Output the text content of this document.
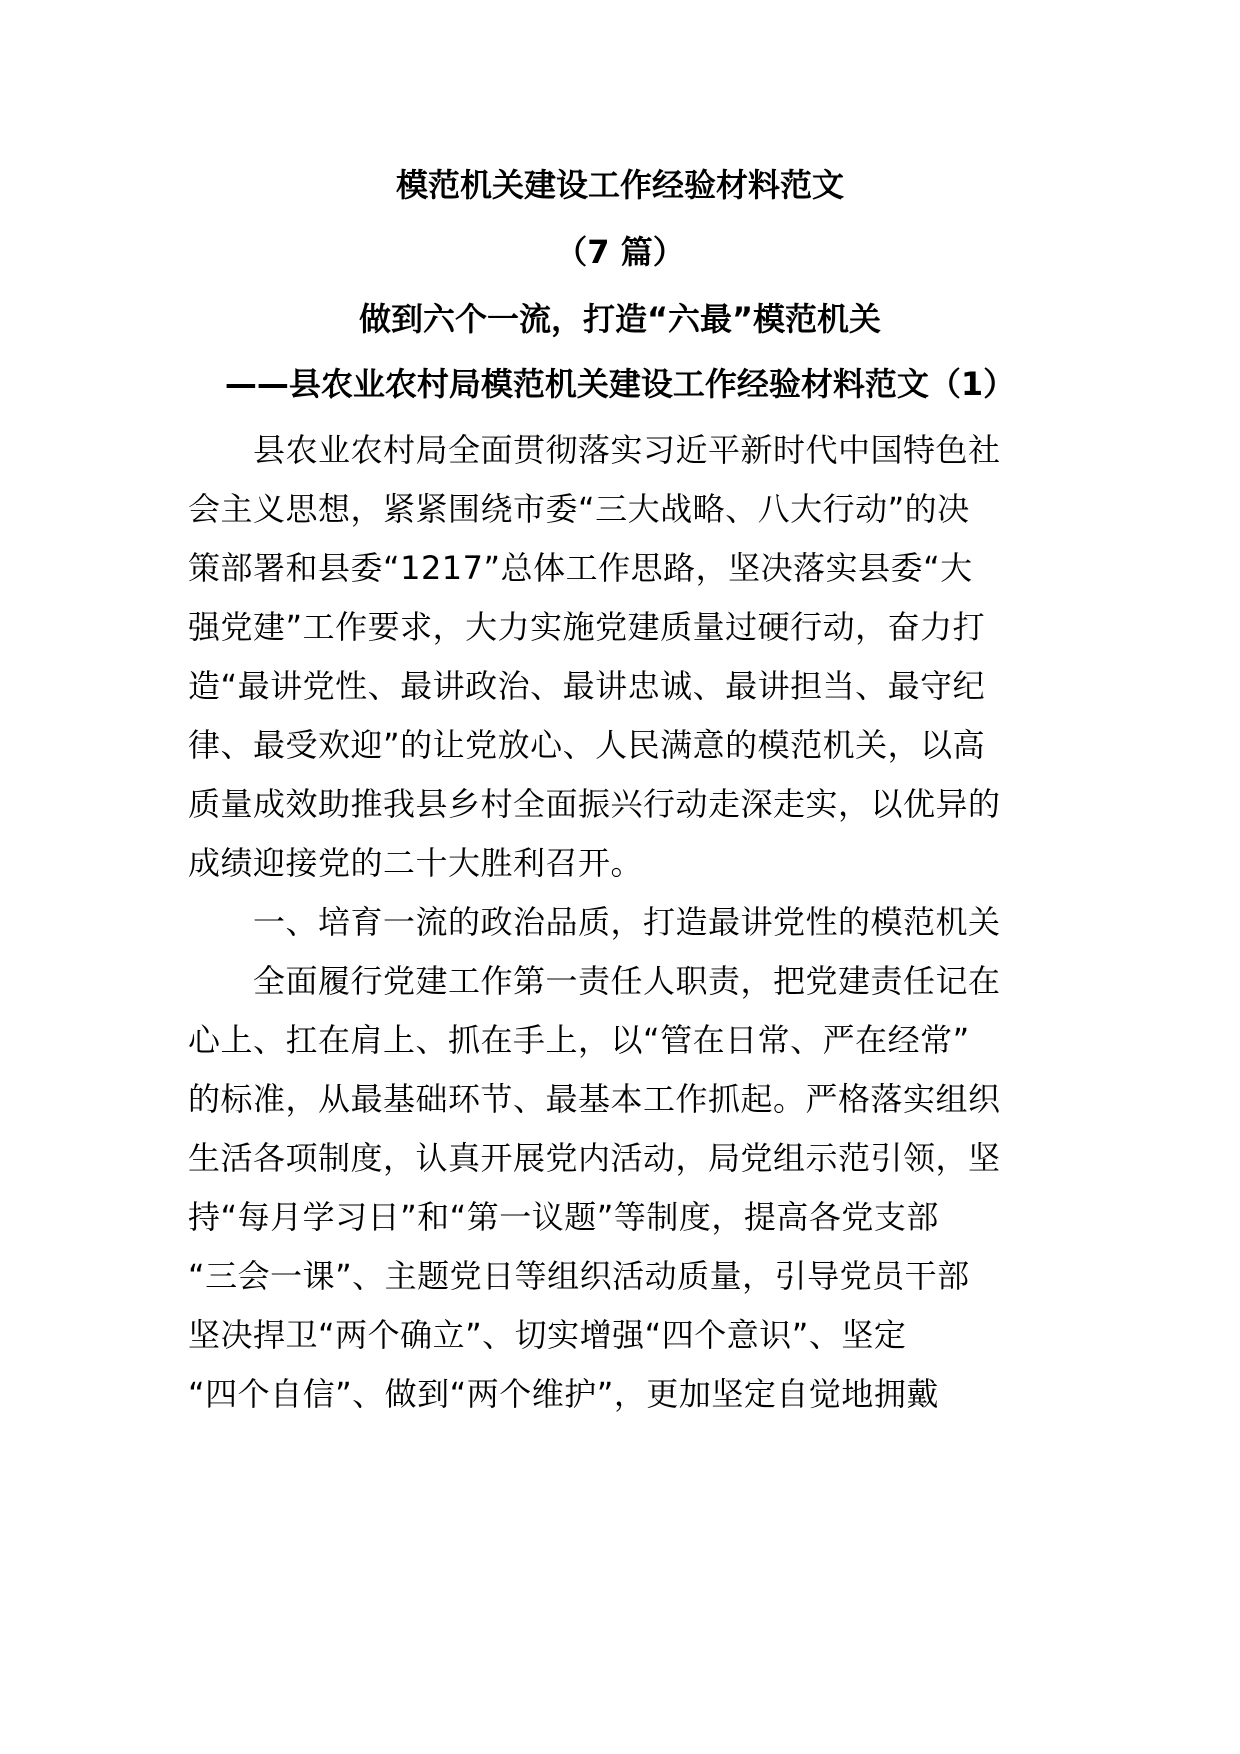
模范机关建设工作经验材料范文
（7 篇）
做到六个一流，打造“六最”模范机关
——县农业农村局模范机关建设工作经验材料范文（1）
　　县农业农村局全面贯彻落实习近平新时代中国特色社
会主义思想，紧紧围绕市委“三大战略、八大行动”的决
策部署和县委“1217”总体工作思路，坚决落实县委“大
强党建”工作要求，大力实施党建质量过硬行动，奋力打
造“最讲党性、最讲政治、最讲忠诚、最讲担当、最守纪
律、最受欢迎”的让党放心、人民满意的模范机关，以高
质量成效助推我县乡村全面振兴行动走深走实，以优异的
成绩迎接党的二十大胜利召开。
　　一、培育一流的政治品质，打造最讲党性的模范机关
　　全面履行党建工作第一责任人职责，把党建责任记在
心上、扛在肩上、抓在手上，以“管在日常、严在经常”
的标准，从最基础环节、最基本工作抓起。严格落实组织
生活各项制度，认真开展党内活动，局党组示范引领，坚
持“每月学习日”和“第一议题”等制度，提高各党支部
“三会一课”、主题党日等组织活动质量，引导党员干部
坚决捍卫“两个确立”、切实增强“四个意识”、坚定
“四个自信”、做到“两个维护”，更加坚定自觉地拥戴
